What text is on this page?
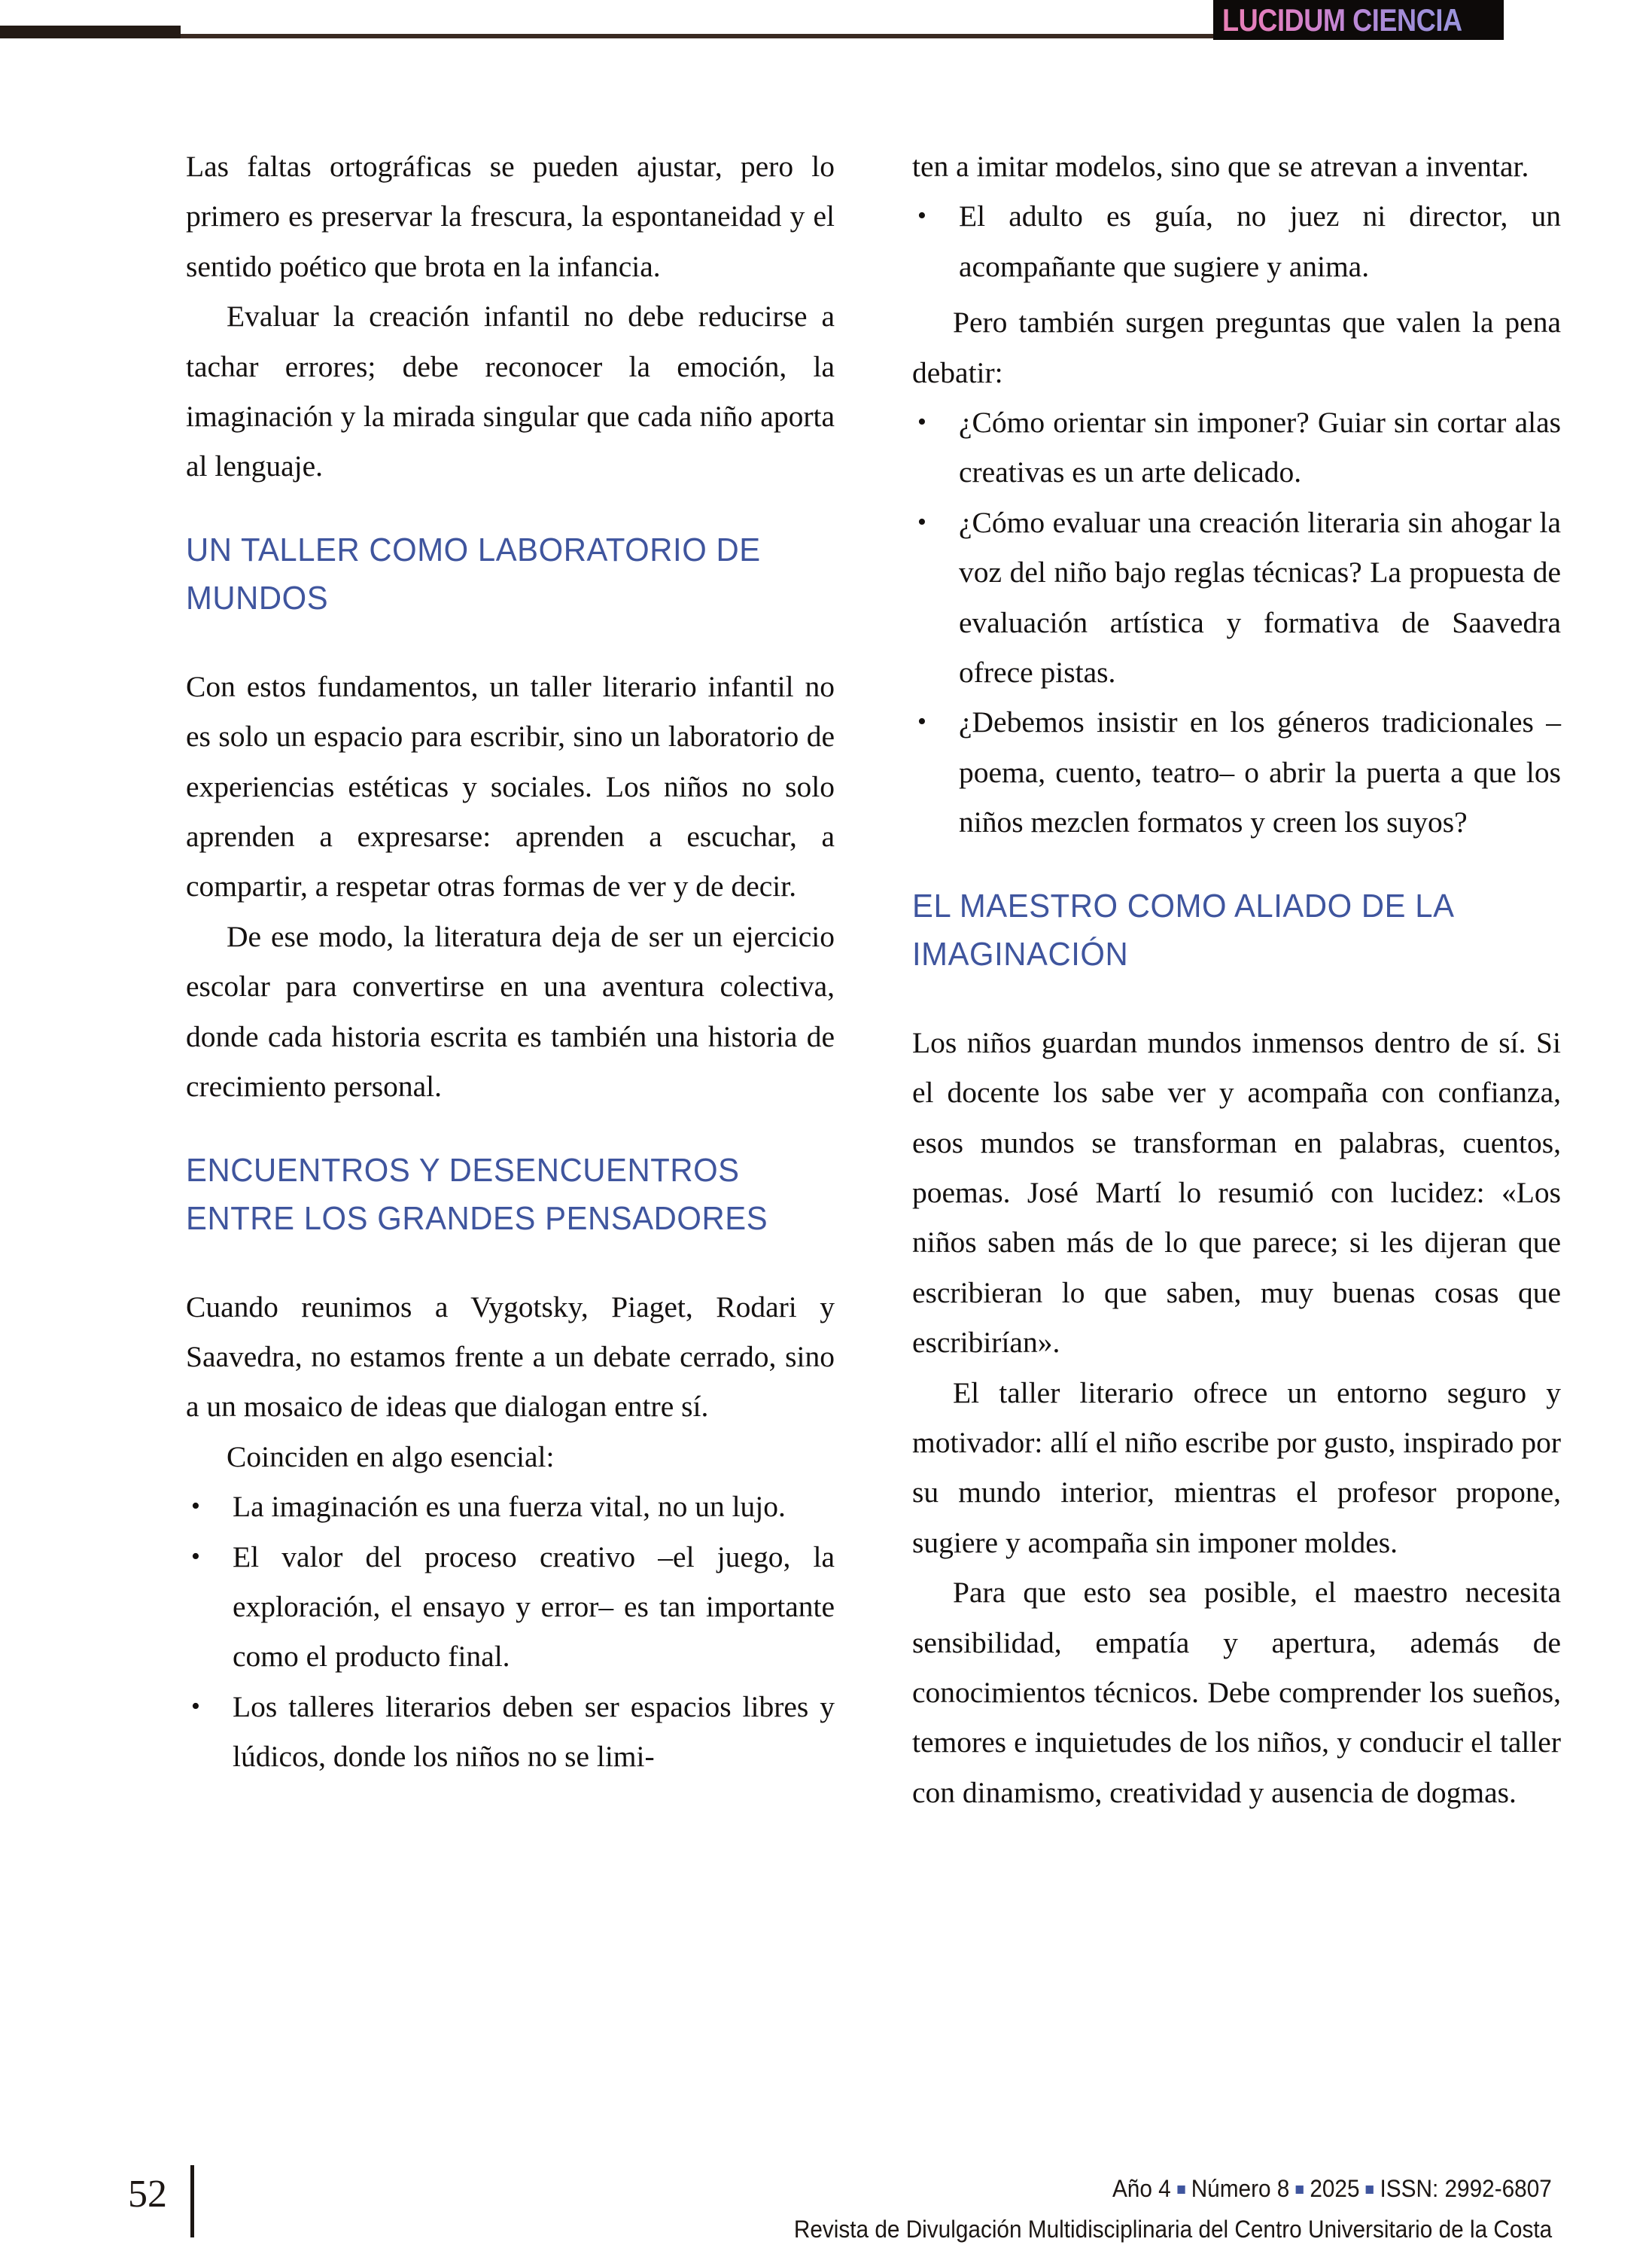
LUCIDUM CIENCIA

Las faltas ortográficas se pueden ajustar, pero lo primero es preservar la frescura, la espontaneidad y el sentido poético que brota en la infancia.

Evaluar la creación infantil no debe reducirse a tachar errores; debe reconocer la emoción, la imaginación y la mirada singular que cada niño aporta al lenguaje.

UN TALLER COMO LABORATORIO DE MUNDOS

Con estos fundamentos, un taller literario infantil no es solo un espacio para escribir, sino un laboratorio de experiencias estéticas y sociales. Los niños no solo aprenden a expresarse: aprenden a escuchar, a compartir, a respetar otras formas de ver y de decir.

De ese modo, la literatura deja de ser un ejercicio escolar para convertirse en una aventura colectiva, donde cada historia escrita es también una historia de crecimiento personal.

ENCUENTROS Y DESENCUENTROS ENTRE LOS GRANDES PENSADORES

Cuando reunimos a Vygotsky, Piaget, Rodari y Saavedra, no estamos frente a un debate cerrado, sino a un mosaico de ideas que dialogan entre sí.

Coinciden en algo esencial:

• La imaginación es una fuerza vital, no un lujo.
• El valor del proceso creativo –el juego, la exploración, el ensayo y error– es tan importante como el producto final.
• Los talleres literarios deben ser espacios libres y lúdicos, donde los niños no se limi-

ten a imitar modelos, sino que se atrevan a inventar.

• El adulto es guía, no juez ni director, un acompañante que sugiere y anima.

Pero también surgen preguntas que valen la pena debatir:

• ¿Cómo orientar sin imponer? Guiar sin cortar alas creativas es un arte delicado.
• ¿Cómo evaluar una creación literaria sin ahogar la voz del niño bajo reglas técnicas? La propuesta de evaluación artística y formativa de Saavedra ofrece pistas.
• ¿Debemos insistir en los géneros tradicionales –poema, cuento, teatro– o abrir la puerta a que los niños mezclen formatos y creen los suyos?
EL MAESTRO COMO ALIADO DE LA IMAGINACIÓN

Los niños guardan mundos inmensos dentro de sí. Si el docente los sabe ver y acompaña con confianza, esos mundos se transforman en palabras, cuentos, poemas. José Martí lo resumió con lucidez: «Los niños saben más de lo que parece; si les dijeran que escribieran lo que saben, muy buenas cosas que escribirían».

El taller literario ofrece un entorno seguro y motivador: allí el niño escribe por gusto, inspirado por su mundo interior, mientras el profesor propone, sugiere y acompaña sin imponer moldes.

Para que esto sea posible, el maestro necesita sensibilidad, empatía y apertura, además de conocimientos técnicos. Debe comprender los sueños, temores e inquietudes de los niños, y conducir el taller con dinamismo, creatividad y ausencia de dogmas.

52	Año 4 Número 8 2025 ISSN: 2992-6807
Revista de Divulgación Multidisciplinaria del Centro Universitario de la Costa
